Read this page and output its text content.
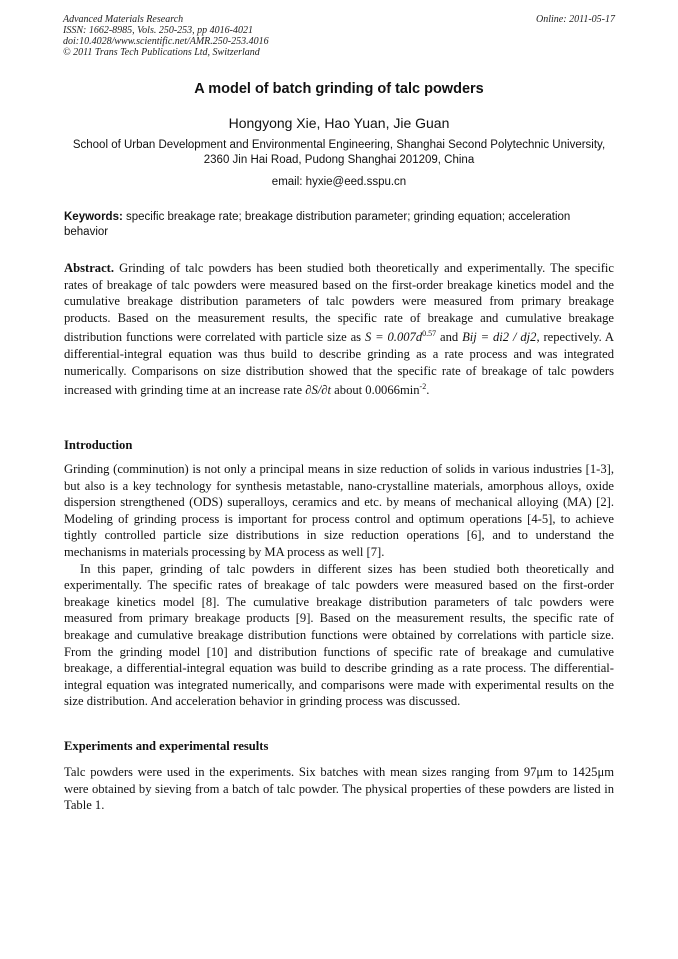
Advanced Materials Research
ISSN: 1662-8985, Vols. 250-253, pp 4016-4021
doi:10.4028/www.scientific.net/AMR.250-253.4016
© 2011 Trans Tech Publications Ltd, Switzerland
Online: 2011-05-17
A model of batch grinding of talc powders
Hongyong Xie, Hao Yuan, Jie Guan
School of Urban Development and Environmental Engineering, Shanghai Second Polytechnic University, 2360 Jin Hai Road, Pudong Shanghai 201209, China
email: hyxie@eed.sspu.cn
Keywords: specific breakage rate; breakage distribution parameter; grinding equation; acceleration behavior
Abstract. Grinding of talc powders has been studied both theoretically and experimentally. The specific rates of breakage of talc powders were measured based on the first-order breakage kinetics model and the cumulative breakage distribution parameters of talc powders were measured from primary breakage products. Based on the measurement results, the specific rate of breakage and cumulative breakage distribution functions were correlated with particle size as $S = 0.007d^{0.57}$ and Bij = di2 / dj2, repectively. A differential-integral equation was thus build to describe grinding as a rate process and was integrated numerically. Comparisons on size distribution showed that the specific rate of breakage of talc powders increased with grinding time at an increase rate ∂S/∂t about $0.0066\min^{-2}$.
Introduction

Grinding (comminution) is not only a principal means in size reduction of solids in various industries [1-3], but also is a key technology for synthesis metastable, nano-crystalline materials, amorphous alloys, oxide dispersion strengthened (ODS) superalloys, ceramics and etc. by means of mechanical alloying (MA) [2]. Modeling of grinding process is important for process control and optimum operations [4-5], to achieve tightly controlled particle size distributions in size reduction operations [6], and to understand the mechanisms in materials processing by MA process as well [7].

In this paper, grinding of talc powders in different sizes has been studied both theoretically and experimentally. The specific rates of breakage of talc powders were measured based on the first-order breakage kinetics model [8]. The cumulative breakage distribution parameters of talc powders were measured from primary breakage products [9]. Based on the measurement results, the specific rate of breakage and cumulative breakage distribution functions were obtained by correlations with particle size. From the grinding model [10] and distribution functions of specific rate of breakage and cumulative breakage, a differential-integral equation was build to describe grinding as a rate process. The differential-integral equation was integrated numerically, and comparisons were made with experimental results on the size distribution. And acceleration behavior in grinding process was discussed.

Experiments and experimental results
Talc powders were used in the experiments. Six batches with mean sizes ranging from 97μm to 1425μm were obtained by sieving from a batch of talc powder. The physical properties of these powders are listed in Table 1.
